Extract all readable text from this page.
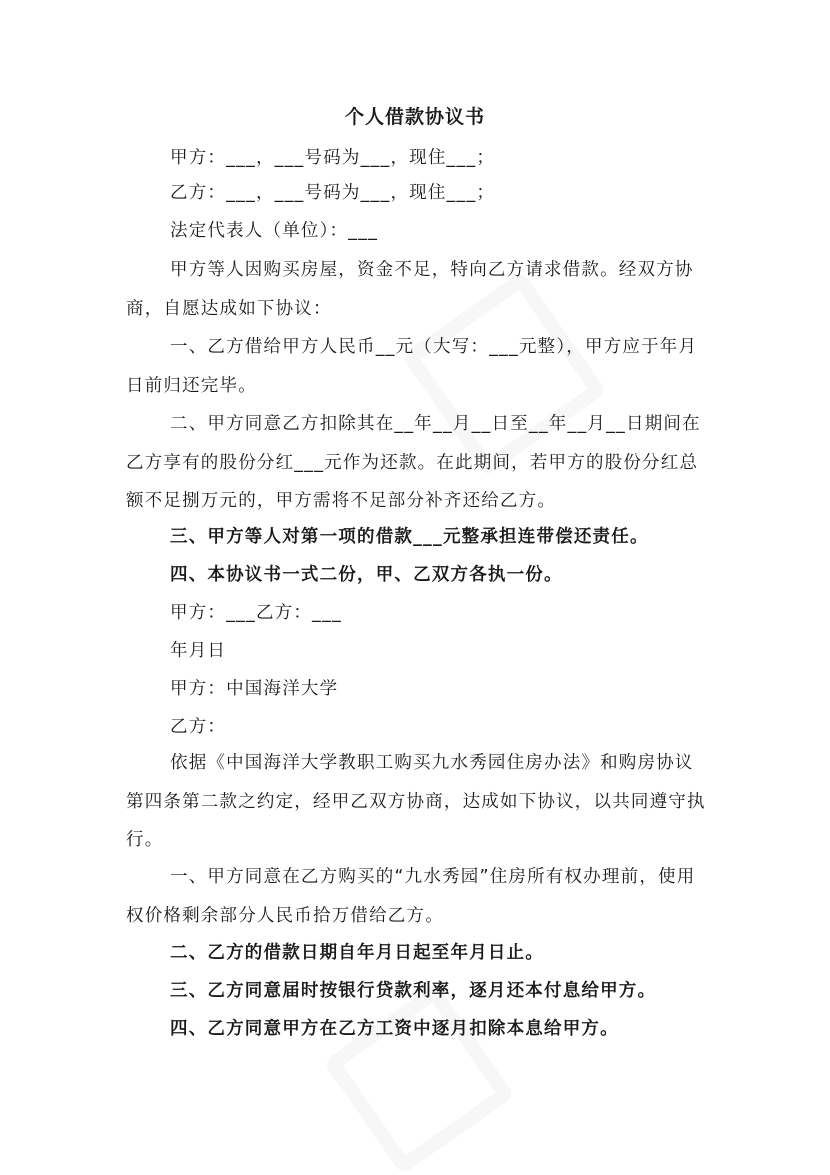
个人借款协议书
甲方：___，___号码为___，现住___；
乙方：___，___号码为___，现住___；
法定代表人（单位）：___
甲方等人因购买房屋，资金不足，特向乙方请求借款。经双方协商，自愿达成如下协议：
一、乙方借给甲方人民币__元（大写：___元整），甲方应于年月日前归还完毕。
二、甲方同意乙方扣除其在__年__月__日至__年__月__日期间在乙方享有的股份分红___元作为还款。在此期间，若甲方的股份分红总额不足捌万元的，甲方需将不足部分补齐还给乙方。
三、甲方等人对第一项的借款___元整承担连带偿还责任。
四、本协议书一式二份，甲、乙双方各执一份。
甲方：___乙方：___
年月日
甲方：中国海洋大学
乙方：
依据《中国海洋大学教职工购买九水秀园住房办法》和购房协议第四条第二款之约定，经甲乙双方协商，达成如下协议，以共同遵守执行。
一、甲方同意在乙方购买的“九水秀园”住房所有权办理前，使用权价格剩余部分人民币拾万借给乙方。
二、乙方的借款日期自年月日起至年月日止。
三、乙方同意届时按银行贷款利率，逐月还本付息给甲方。
四、乙方同意甲方在乙方工资中逐月扣除本息给甲方。
